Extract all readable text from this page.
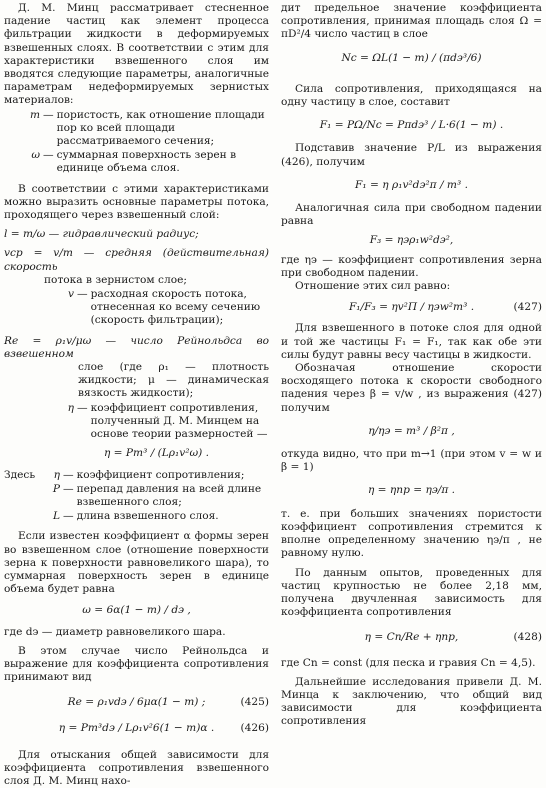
Д. М. Минц рассматривает стесненное падение частиц как элемент процесса фильтрации жидкости в деформируемых взвешенных слоях. В соответствии с этим для характеристики взвешенного слоя им вводятся следующие параметры, аналогичные параметрам недеформируемых зернистых материалов:

m — пористость, как отношение площади пор ко всей площади рассматриваемого сечения;
ω — суммарная поверхность зерен в единице объема слоя.

В соответствии с этими характеристиками можно выразить основные параметры потока, проходящего через взвешенный слой:

l = m/ω — гидравлический радиус;

vср = v/m — средняя (действительная) скорость

потока в зернистом слое;

v — расходная скорость потока, отнесенная ко всему сечению (скорость фильтрации);

Re = ρ₁v/μω — число Рейнольдса во взвешенном

слое (где ρ₁ — плотность жидкости; μ — динамическая вязкость жидкости);

η — коэффициент сопротивления, полученный Д. М. Минцем на основе теории размерностей —
η = Pm³ / (Lρ₁v²ω) .
Здесь	η — коэффициент сопротивления;
P — перепад давления на всей длине взвешенного слоя;
L — длина взвешенного слоя.

Если известен коэффициент α формы зерен во взвешенном слое (отношение поверхности зерна к поверхности равновеликого шара), то суммарная поверхность зерен в единице объема будет равна

ω = 6α(1 − m) / dэ ,

где dэ — диаметр равновеликого шара.

В этом случае число Рейнольдса и выражение для коэффициента сопротивления принимают вид

Re = ρ₁vdэ / 6μα(1 − m) ;	(425)
η = Pm³dэ / Lρ₁v²6(1 − m)α . (426)

Для отыскания общей зависимости для коэффициента сопротивления взвешенного слоя Д. М. Минц нахо-

дит предельное значение коэффициента сопротивления, принимая площадь слоя Ω = πD²/4 число частиц в слое

Nc = ΩL(1 − m) / (πdэ³/6)

Сила сопротивления, приходящаяся на одну частицу в слое, составит

F₁ = PΩ/Nc = Pπdэ³ / L·6(1 − m) .

Подставив значение P/L из выражения (426), получим

F₁ = η ρ₁v²dэ²π / m³ .

Аналогичная сила при свободном падении равна

F₃ = ηэρ₁w²dэ²,

где ηэ — коэффициент сопротивления зерна при свободном падении.

Отношение этих сил равно:

F₁/F₃ = ηv²Π / ηэw²m³ .	(427)

Для взвешенного в потоке слоя для одной и той же частицы F₁ = F₁, так как обе эти силы будут равны весу частицы в жидкости.

Обозначая отношение скорости восходящего потока к скорости свободного падения через β = v/w , из выражения (427) получим

η/ηэ = m³ / β²π ,

откуда видно, что при m→1 (при этом v = w и β = 1)

η = ηпр = ηэ/π .

т. е. при больших значениях пористости коэффициент сопротивления стремится к вполне определенному значению ηэ/π , не равному нулю.

По данным опытов, проведенных для частиц крупностью не более 2,18 мм, получена двучленная зависимость для коэффициента сопротивления

η = Cn/Re + ηпр,	(428)

где Cn = const (для песка и гравия Cn = 4,5).

Дальнейшие исследования привели Д. М. Минца к заключению, что общий вид зависимости для коэффициента сопротивления
